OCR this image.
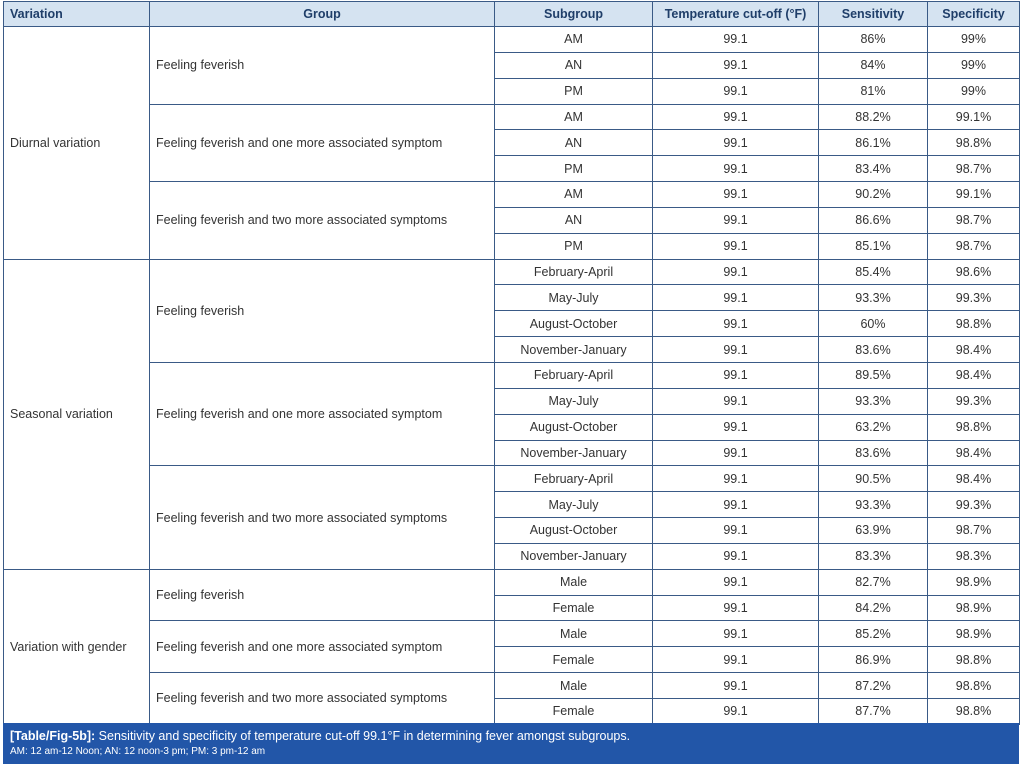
Variation	Group	Subgroup	Temperature cut-off (°F)	Sensitivity	Specificity
Diurnal variation	Feeling feverish	AM	99.1	86%	99%
		AN	99.1	84%	99%
		PM	99.1	81%	99%
	Feeling feverish and one more associated symptom	AM	99.1	88.2%	99.1%
		AN	99.1	86.1%	98.8%
		PM	99.1	83.4%	98.7%
	Feeling feverish and two more associated symptoms	AM	99.1	90.2%	99.1%
		AN	99.1	86.6%	98.7%
		PM	99.1	85.1%	98.7%
Seasonal variation	Feeling feverish	February-April	99.1	85.4%	98.6%
		May-July	99.1	93.3%	99.3%
		August-October	99.1	60%	98.8%
		November-January	99.1	83.6%	98.4%
	Feeling feverish and one more associated symptom	February-April	99.1	89.5%	98.4%
		May-July	99.1	93.3%	99.3%
		August-October	99.1	63.2%	98.8%
		November-January	99.1	83.6%	98.4%
	Feeling feverish and two more associated symptoms	February-April	99.1	90.5%	98.4%
		May-July	99.1	93.3%	99.3%
		August-October	99.1	63.9%	98.7%
		November-January	99.1	83.3%	98.3%
Variation with gender	Feeling feverish	Male	99.1	82.7%	98.9%
		Female	99.1	84.2%	98.9%
	Feeling feverish and one more associated symptom	Male	99.1	85.2%	98.9%
		Female	99.1	86.9%	98.8%
	Feeling feverish and two more associated symptoms	Male	99.1	87.2%	98.8%
		Female	99.1	87.7%	98.8%
[Table/Fig-5b]: Sensitivity and specificity of temperature cut-off 99.1°F in determining fever amongst subgroups.
AM: 12 am-12 Noon; AN: 12 noon-3 pm; PM: 3 pm-12 am
